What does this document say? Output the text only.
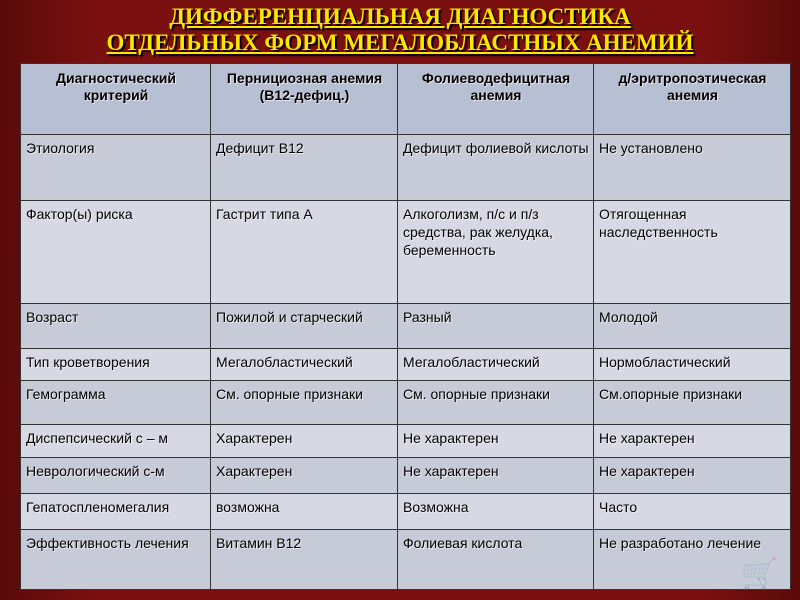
ДИФФЕРЕНЦИАЛЬНАЯ ДИАГНОСТИКА
ОТДЕЛЬНЫХ ФОРМ МЕГАЛОБЛАСТНЫХ АНЕМИЙ
Диагностический критерий	Пернициозная анемия (В12-дефиц.)	Фолиеводефицитная анемия	д/эритропоэтическая анемия
Этиология	Дефицит В12	Дефицит фолиевой кислоты	Не установлено
Фактор(ы) риска	Гастрит типа А	Алкоголизм, п/с и п/з средства, рак желудка, беременность	Отягощенная наследственность
Возраст	Пожилой и старческий	Разный	Молодой
Тип кроветворения	Мегалобластический	Мегалобластический	Нормобластический
Гемограмма	См. опорные признаки	См. опорные признаки	См.опорные признаки
Диспепсический с – м	Характерен	Не характерен	Не характерен
Неврологический с-м	Характерен	Не характерен	Не характерен
Гепатоспленомегалия	возможна	Возможна	Часто
Эффективность лечения	Витамин В12	Фолиевая кислота	Не разработано лечение
🛒
